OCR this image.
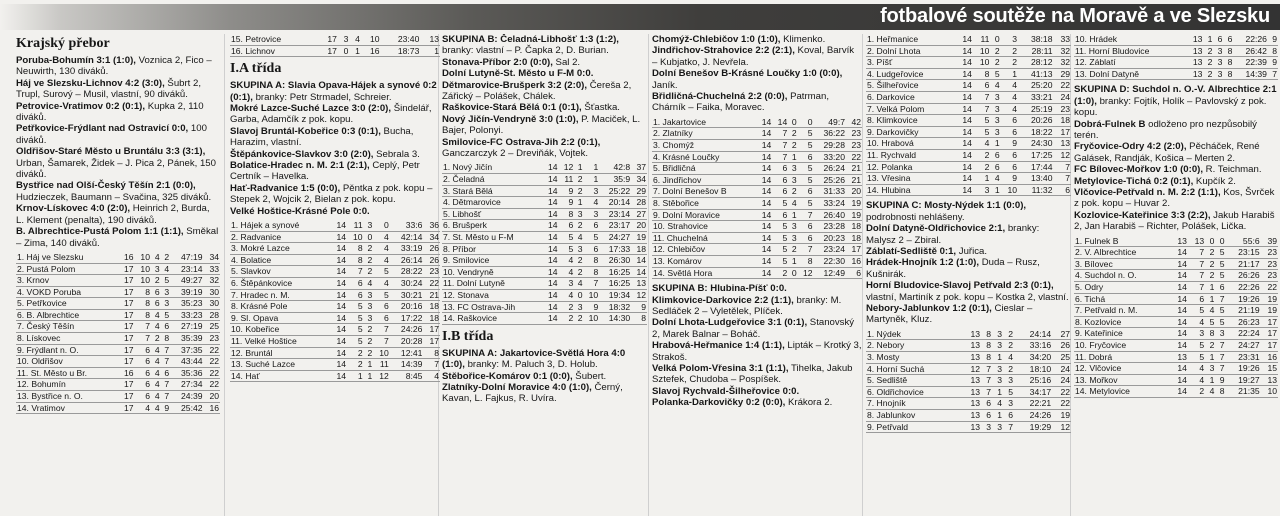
fotbalové soutěže na Moravě a ve Slezsku
Krajský přebor

Poruba-Bohumín 3:1 (1:0), Voznica 2, Fico – Neuwirth, 130 diváků.

Háj ve Slezsku-Lichnov 4:2 (3:0), Šubrt 2, Trupl, Surový – Musil, vlastní, 90 diváků.

Petrovice-Vratimov 0:2 (0:1), Kupka 2, 110 diváků.

Petřkovice-Frýdlant nad Ostravicí 0:0, 100 diváků.

Oldřišov-Staré Město u Bruntálu 3:3 (3:1), Urban, Šamarek, Židek – J. Pica 2, Pánek, 150 diváků.

Bystřice nad Olší-Český Těšín 2:1 (0:0), Hudzieczek, Baumann – Svačina, 325 diváků.

Krnov-Lískovec 4:0 (2:0), Heinrich 2, Burda, L. Klement (penalta), 190 diváků.

B. Albrechtice-Pustá Polom 1:1 (1:1), Směkal – Zima, 140 diváků.

1. Háj ve Slezsku	16	10	4	2	47:19	34
2. Pustá Polom	17	10	3	4	23:14	33
3. Krnov	17	10	2	5	49:27	32
4. VOKD Poruba	17	8	6	3	39:19	30
5. Petřkovice	17	8	6	3	35:23	30
6. B. Albrechtice	17	8	4	5	33:23	28
7. Český Těšín	17	7	4	6	27:19	25
8. Lískovec	17	7	2	8	35:39	23
9. Frýdlant n. O.	17	6	4	7	37:35	22
10. Oldřišov	17	6	4	7	43:44	22
11. St. Město u Br.	16	6	4	6	35:36	22
12. Bohumín	17	6	4	7	27:34	22
13. Bystřice n. O.	17	6	4	7	24:39	20
14. Vratimov	17	4	4	9	25:42	16
15. Petrovice	17	3	4	10	23:40	13
16. Lichnov	17	0	1	16	18:73	1
I.A třída

SKUPINA A: Slavia Opava-Hájek a synové 0:2 (0:1), branky: Petr Strmadel, Schreier.

Mokré Lazce-Suché Lazce 3:0 (2:0), Šindelář, Garba, Adamčík z pok. kopu.

Slavoj Bruntál-Kobeřice 0:3 (0:1), Bucha, Harazim, vlastní.

Štěpánkovice-Slavkov 3:0 (2:0), Sebrala 3.

Bolatice-Hradec n. M. 2:1 (2:1), Ceplý, Petr Certník – Havelka.

Hať-Radvanice 1:5 (0:0), Pěntka z pok. kopu – Stepek 2, Wojcik 2, Bielan z pok. kopu.

Velké Hoštice-Krásné Pole 0:0.

1. Hájek a synové	14	11	3	0	33:6	36
2. Radvanice	14	10	0	4	42:14	34
3. Mokré Lazce	14	8	2	4	33:19	26
4. Bolatice	14	8	2	4	26:14	26
5. Slavkov	14	7	2	5	28:22	23
6. Štěpánkovice	14	6	4	4	30:24	22
7. Hradec n. M.	14	6	3	5	30:21	21
8. Krásné Pole	14	5	3	6	20:16	18
9. Sl. Opava	14	5	3	6	17:22	18
10. Kobeřice	14	5	2	7	24:26	17
11. Velké Hoštice	14	5	2	7	20:28	17
12. Bruntál	14	2	2	10	12:41	8
13. Suché Lazce	14	2	1	11	14:39	7
14. Hať	14	1	1	12	8:45	4

SKUPINA B: Čeladná-Libhošť 1:3 (1:2), branky: vlastní – P. Čapka 2, D. Burian.

Stonava-Příbor 2:0 (0:0), Sal 2.

Dolní Lutyně-St. Město u F-M 0:0.

Dětmarovice-Brušperk 3:2 (2:0), Čereša 2, Zářický – Polášek, Chálek.

Raškovice-Stará Bělá 0:1 (0:1), Šťastka.

Nový Jičín-Vendryně 3:0 (1:0), P. Maciček, L. Bajer, Polonyi.

Smilovice-FC Ostrava-Jih 2:2 (0:1), Ganczarczyk 2 – Dreviňák, Vojtek.

1. Nový Jičín	14	12	1	1	42:8	37
2. Čeladná	14	11	2	1	35:9	34
3. Stará Bělá	14	9	2	3	25:22	29
4. Dětmarovice	14	9	1	4	20:14	28
5. Libhošť	14	8	3	3	23:14	27
6. Brušperk	14	6	2	6	23:17	20
7. St. Město u F-M	14	5	4	5	24:27	19
8. Příbor	14	5	3	6	17:33	18
9. Smilovice	14	4	2	8	26:30	14
10. Vendryně	14	4	2	8	16:25	14
11. Dolní Lutyně	14	3	4	7	16:25	13
12. Stonava	14	4	0	10	19:34	12
13. FC Ostrava-Jih	14	2	3	9	18:32	9
14. Raškovice	14	2	2	10	14:30	8
I.B třída

SKUPINA A: Jakartovice-Světlá Hora 4:0 (1:0), branky: M. Paluch 3, D. Holub.

Stěbořice-Komárov 0:1 (0:0), Šubert.

Zlatníky-Dolní Moravice 4:0 (1:0), Černý, Kavan, L. Fajkus, R. Uvíra.

Chomýž-Chlebičov 1:0 (1:0), Klimenko.

Jindřichov-Strahovice 2:2 (2:1), Koval, Barvík – Kubjatko, J. Nevřela.

Dolní Benešov B-Krásné Loučky 1:0 (0:0), Janík.

Břidličná-Chuchelná 2:2 (0:0), Patrman, Chárník – Faika, Moravec.

1. Jakartovice	14	14	0	0	49:7	42
2. Zlatníky	14	7	2	5	36:22	23
3. Chomýž	14	7	2	5	29:28	23
4. Krásné Loučky	14	7	1	6	33:20	22
5. Břidličná	14	6	3	5	26:24	21
6. Jindřichov	14	6	3	5	25:26	21
7. Dolní Benešov B	14	6	2	6	31:33	20
8. Stěbořice	14	5	4	5	33:24	19
9. Dolní Moravice	14	6	1	7	26:40	19
10. Strahovice	14	5	3	6	23:28	18
11. Chuchelná	14	5	3	6	20:23	18
12. Chlebičov	14	5	2	7	23:24	17
13. Komárov	14	5	1	8	22:30	16
14. Světlá Hora	14	2	0	12	12:49	6

SKUPINA B: Hlubina-Píšť 0:0.

Klimkovice-Darkovice 2:2 (1:1), branky: M. Sedláček 2 – Vyletělek, Plíček.

Dolní Lhota-Ludgeřovice 3:1 (0:1), Stanovský 2, Marek Balnar – Boháč.

Hrabová-Heřmanice 1:4 (1:1), Lipták – Krotký 3, Strakoš.

Velká Polom-Vřesina 3:1 (1:1), Tihelka, Jakub Sztefek, Chudoba – Pospíšek.

Slavoj Rychvald-Šilheřovice 0:0.

Polanka-Darkovičky 0:2 (0:0), Krákora 2.

1. Heřmanice	14	11	0	3	38:18	33
2. Dolní Lhota	14	10	2	2	28:11	32
3. Píšť	14	10	2	2	28:12	32
4. Ludgeřovice	14	8	5	1	41:13	29
5. Šilheřovice	14	6	4	4	25:20	22
6. Darkovice	14	7	3	4	33:21	24
7. Velká Polom	14	7	3	4	25:19	23
8. Klimkovice	14	5	3	6	20:26	18
9. Darkovičky	14	5	3	6	18:22	17
10. Hrabová	14	4	1	9	24:30	13
11. Rychvald	14	2	6	6	17:25	12
12. Polanka	14	2	6	6	17:44	7
13. Vřesina	14	1	4	9	13:40	7
14. Hlubina	14	3	1	10	11:32	6

SKUPINA C: Mosty-Nýdek 1:1 (0:0), podrobnosti nehlášeny.

Dolní Datyně-Oldřichovice 2:1, branky: Malysz 2 – Zbiral.

Záblatí-Sedliště 0:1, Juřica.

Hrádek-Hnojník 1:2 (1:0), Duda – Rusz, Kušnirák.

Horní Bludovice-Slavoj Petřvald 2:3 (0:1), vlastní, Martiník z pok. kopu – Kostka 2, vlastní.

Nebory-Jablunkov 1:2 (0:1), Cieslar – Martyněk, Kluz.

1. Nýdek	13	8	3	2	24:14	27
2. Nebory	13	8	3	2	33:16	26
3. Mosty	13	8	1	4	34:20	25
4. Horní Suchá	12	7	3	2	18:10	24
5. Sedliště	13	7	3	3	25:16	24
6. Oldřichovice	13	7	1	5	34:17	22
7. Hnojník	13	6	4	3	22:21	22
8. Jablunkov	13	6	1	6	24:26	19
9. Petřvald	13	3	3	7	19:29	12
10. Hrádek	13	1	6	6	22:26	9
11. Horní Bludovice	13	2	3	8	26:42	8
12. Záblatí	13	2	3	8	22:39	9
13. Dolní Datyně	13	2	3	8	14:39	7

SKUPINA D: Suchdol n. O.-V. Albrechtice 2:1 (1:0), branky: Fojtík, Holík – Pavlovský z pok. kopu.

Dobrá-Fulnek B odloženo pro nezpůsobilý terén.

Fryčovice-Odry 4:2 (2:0), Pěcháček, René Galásek, Randják, Košica – Merten 2.

FC Bílovec-Mořkov 1:0 (0:0), R. Teichman.

Metylovice-Tichá 0:2 (0:1), Kupčík 2.

Vlčovice-Petřvald n. M. 2:2 (1:1), Kos, Švrček z pok. kopu – Huvar 2.

Kozlovice-Kateřinice 3:3 (2:2), Jakub Harabiš 2, Jan Harabiš – Richter, Polášek, Lička.

1. Fulnek B	13	13	0	0	55:6	39
2. V. Albrechtice	14	7	2	5	23:15	23
3. Bílovec	14	7	2	5	21:17	23
4. Suchdol n. O.	14	7	2	5	26:26	23
5. Odry	14	7	1	6	22:26	22
6. Tichá	14	6	1	7	19:26	19
7. Petřvald n. M.	14	5	4	5	21:19	19
8. Kozlovice	14	4	5	5	26:23	17
9. Kateřinice	14	3	8	3	22:24	17
10. Fryčovice	14	5	2	7	24:27	17
11. Dobrá	13	5	1	7	23:31	16
12. Vlčovice	14	4	3	7	19:26	15
13. Mořkov	14	4	1	9	19:27	13
14. Metylovice	14	2	4	8	21:35	10
